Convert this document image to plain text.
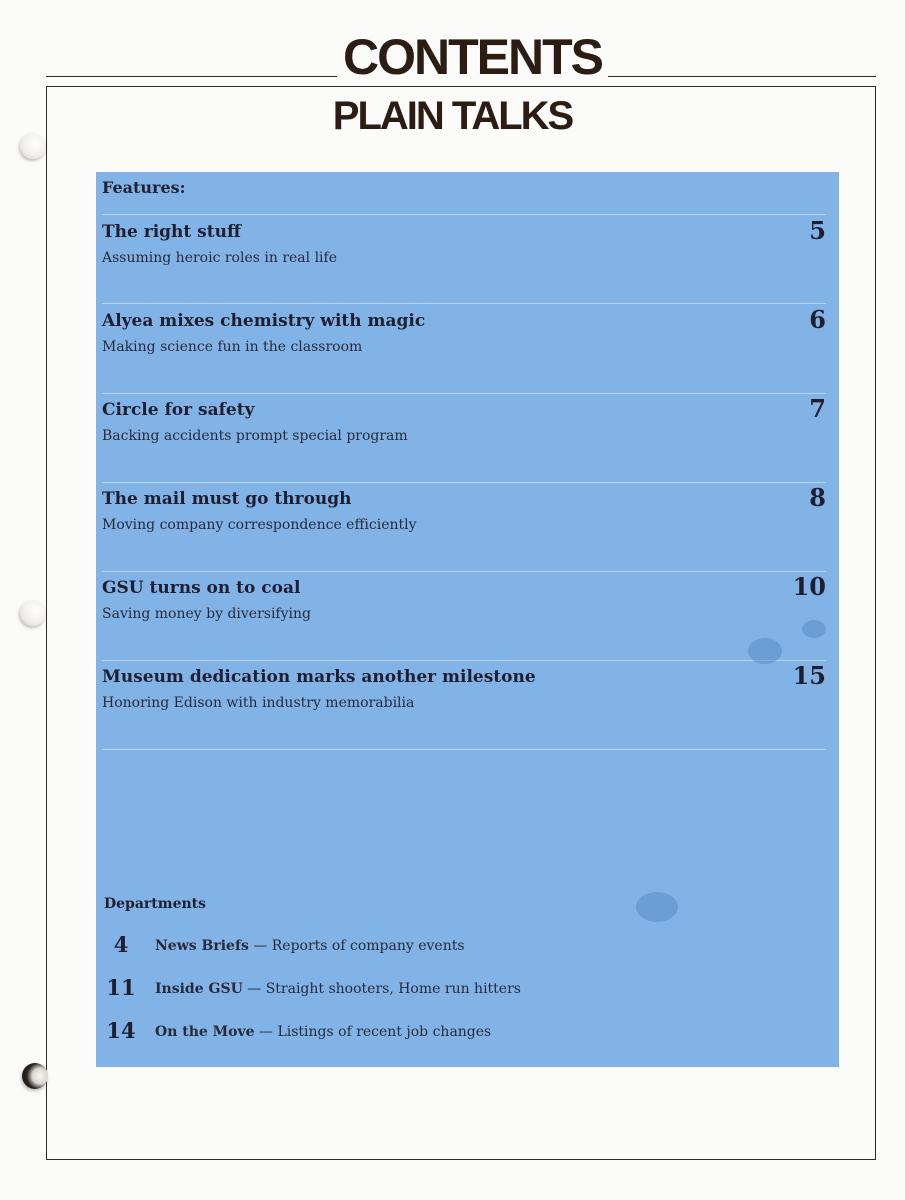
CONTENTS
PLAIN TALKS
Features:
The right stuff
Assuming heroic roles in real life
5
Alyea mixes chemistry with magic
Making science fun in the classroom
6
Circle for safety
Backing accidents prompt special program
7
The mail must go through
Moving company correspondence efficiently
8
GSU turns on to coal
Saving money by diversifying
10
Museum dedication marks another milestone
Honoring Edison with industry memorabilia
15
Departments
4	News Briefs — Reports of company events
11 Inside GSU — Straight shooters, Home run hitters
14 On the Move — Listings of recent job changes
